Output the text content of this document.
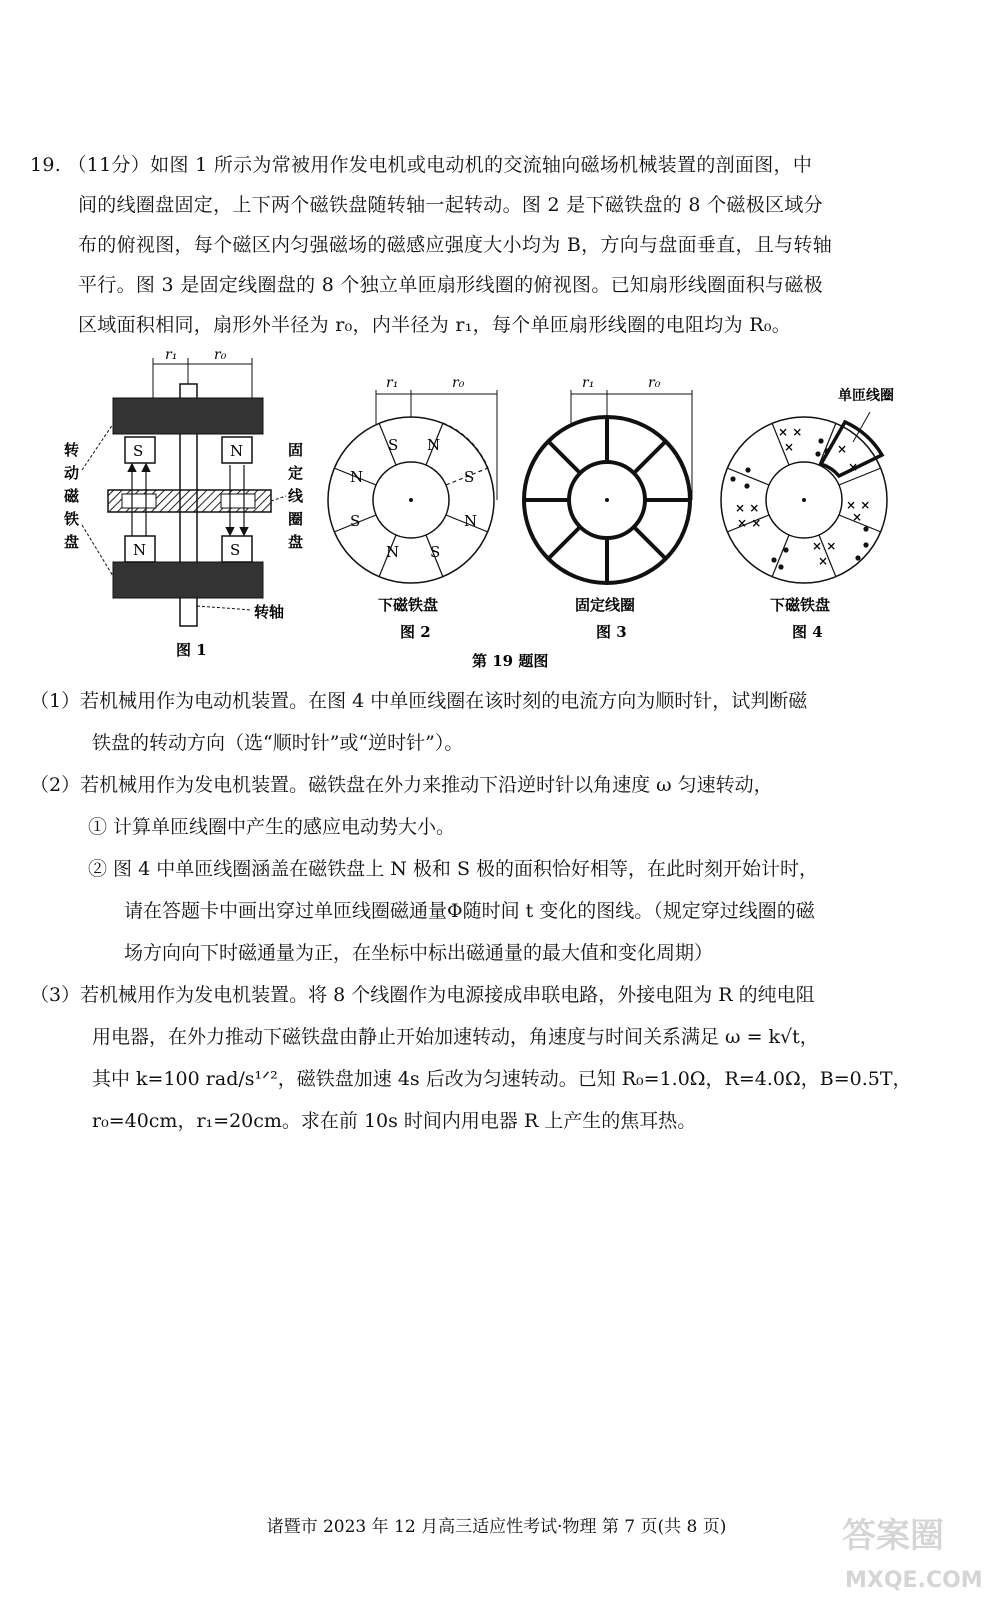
19. （11分）如图 1 所示为常被用作发电机或电动机的交流轴向磁场机械装置的剖面图，中
间的线圈盘固定，上下两个磁铁盘随转轴一起转动。图 2 是下磁铁盘的 8 个磁极区域分
布的俯视图，每个磁区内匀强磁场的磁感应强度大小均为 B，方向与盘面垂直，且与转轴
平行。图 3 是固定线圈盘的 8 个独立单匝扇形线圈的俯视图。已知扇形线圈面积与磁极
区域面积相同，扇形外半径为 r₀，内半径为 r₁，每个单匝扇形线圈的电阻均为 R₀。
r₁	r₀
S	N
N	S
转
动
磁
铁
盘
固
定
线
圈
盘
转轴
图 1
r₁	r₀
S N
S
N
S
N
S
N
下磁铁盘
图 2
r₁	r₀
固定线圈
图 3
× ×
×	×
×
× ×
×
× ×
×
× ×
× ×
单匝线圈
下磁铁盘
图 4
第 19 题图
（1）若机械用作为电动机装置。在图 4 中单匝线圈在该时刻的电流方向为顺时针，试判断磁
铁盘的转动方向（选“顺时针”或“逆时针”）。
（2）若机械用作为发电机装置。磁铁盘在外力来推动下沿逆时针以角速度 ω 匀速转动，
① 计算单匝线圈中产生的感应电动势大小。
② 图 4 中单匝线圈涵盖在磁铁盘上 N 极和 S 极的面积恰好相等，在此时刻开始计时，
请在答题卡中画出穿过单匝线圈磁通量Φ随时间 t 变化的图线。（规定穿过线圈的磁
场方向向下时磁通量为正，在坐标中标出磁通量的最大值和变化周期）
（3）若机械用作为发电机装置。将 8 个线圈作为电源接成串联电路，外接电阻为 R 的纯电阻
用电器，在外力推动下磁铁盘由静止开始加速转动，角速度与时间关系满足 ω = k√t，
其中 k=100 rad/s¹ᐟ²，磁铁盘加速 4s 后改为匀速转动。已知 R₀=1.0Ω，R=4.0Ω，B=0.5T，
r₀=40cm，r₁=20cm。求在前 10s 时间内用电器 R 上产生的焦耳热。
诸暨市 2023 年 12 月高三适应性考试·物理 第 7 页(共 8 页)	答案圈
MXQE.COM
